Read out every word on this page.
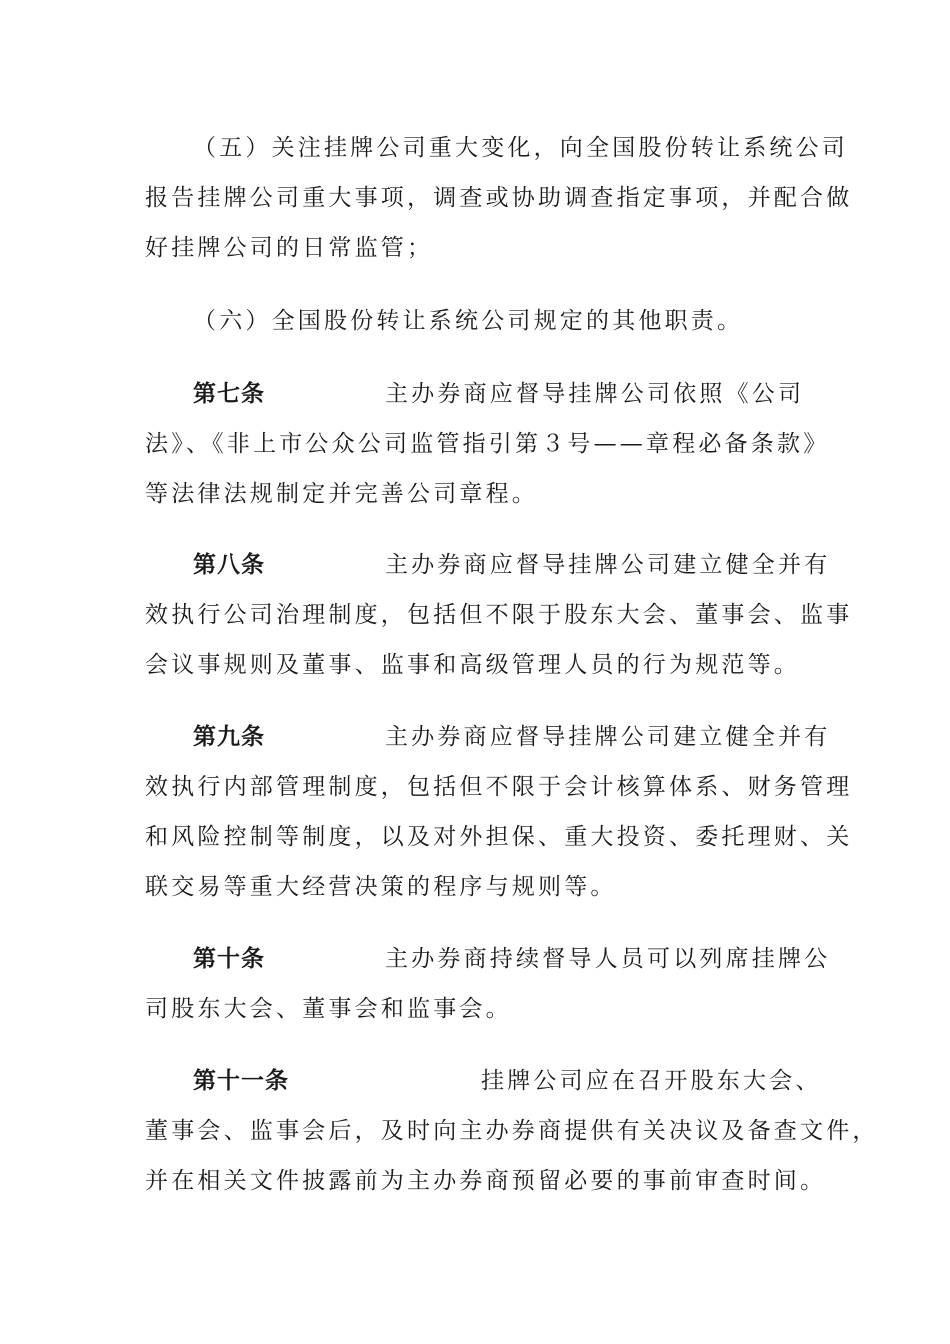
（五）关注挂牌公司重大变化，向全国股份转让系统公司
报告挂牌公司重大事项，调查或协助调查指定事项，并配合做
好挂牌公司的日常监管；
（六）全国股份转让系统公司规定的其他职责。
第七条	主办券商应督导挂牌公司依照《公司
法》、《非上市公众公司监管指引第３号——章程必备条款》
等法律法规制定并完善公司章程。
第八条	主办券商应督导挂牌公司建立健全并有
效执行公司治理制度，包括但不限于股东大会、董事会、监事
会议事规则及董事、监事和高级管理人员的行为规范等。
第九条	主办券商应督导挂牌公司建立健全并有
效执行内部管理制度，包括但不限于会计核算体系、财务管理
和风险控制等制度，以及对外担保、重大投资、委托理财、关
联交易等重大经营决策的程序与规则等。
第十条	主办券商持续督导人员可以列席挂牌公
司股东大会、董事会和监事会。
第十一条	挂牌公司应在召开股东大会、
董事会、监事会后，及时向主办券商提供有关决议及备查文件，
并在相关文件披露前为主办券商预留必要的事前审查时间。
